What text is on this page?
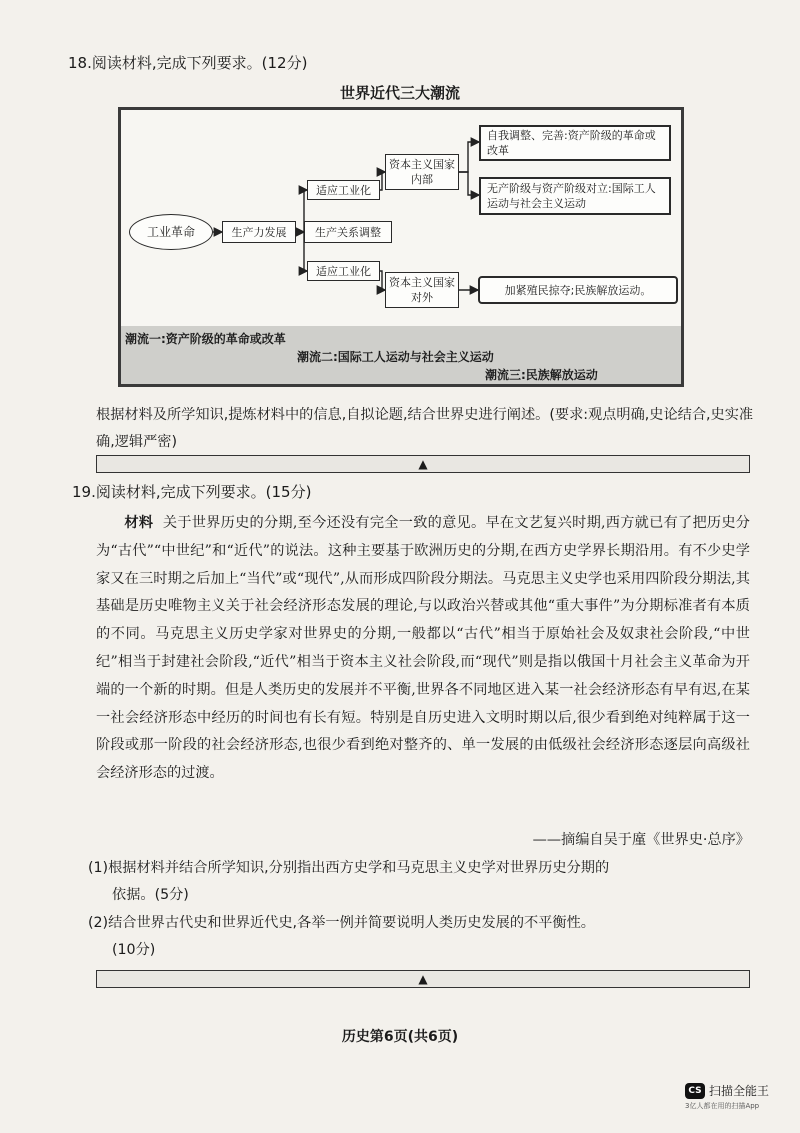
18.阅读材料,完成下列要求。(12分)
世界近代三大潮流
工业革命	生产力发展	生产关系调整
适应工业化
适应工业化
资本主义国家内部
资本主义国家对外
自我调整、完善:资产阶级的革命或改革
无产阶级与资产阶级对立:国际工人运动与社会主义运动
加紧殖民掠夺;民族解放运动。
潮流一:资产阶级的革命或改革
潮流二:国际工人运动与社会主义运动
潮流三:民族解放运动
根据材料及所学知识,提炼材料中的信息,自拟论题,结合世界史进行阐述。(要求:观点明确,史论结合,史实准确,逻辑严密)
▲
19.阅读材料,完成下列要求。(15分)
材料 关于世界历史的分期,至今还没有完全一致的意见。早在文艺复兴时期,西方就已有了把历史分为“古代”“中世纪”和“近代”的说法。这种主要基于欧洲历史的分期,在西方史学界长期沿用。有不少史学家又在三时期之后加上“当代”或“现代”,从而形成四阶段分期法。马克思主义史学也采用四阶段分期法,其基础是历史唯物主义关于社会经济形态发展的理论,与以政治兴替或其他“重大事件”为分期标准者有本质的不同。马克思主义历史学家对世界史的分期,一般都以“古代”相当于原始社会及奴隶社会阶段,“中世纪”相当于封建社会阶段,“近代”相当于资本主义社会阶段,而“现代”则是指以俄国十月社会主义革命为开端的一个新的时期。但是人类历史的发展并不平衡,世界各不同地区进入某一社会经济形态有早有迟,在某一社会经济形态中经历的时间也有长有短。特别是自历史进入文明时期以后,很少看到绝对纯粹属于这一阶段或那一阶段的社会经济形态,也很少看到绝对整齐的、单一发展的由低级社会经济形态逐层向高级社会经济形态的过渡。
——摘编自吴于廑《世界史·总序》
(1)根据材料并结合所学知识,分别指出西方史学和马克思主义史学对世界历史分期的
依据。(5分)
(2)结合世界古代史和世界近代史,各举一例并简要说明人类历史发展的不平衡性。
(10分)
▲
历史第6页(共6页)
CS 扫描全能王
3亿人都在用的扫描App
